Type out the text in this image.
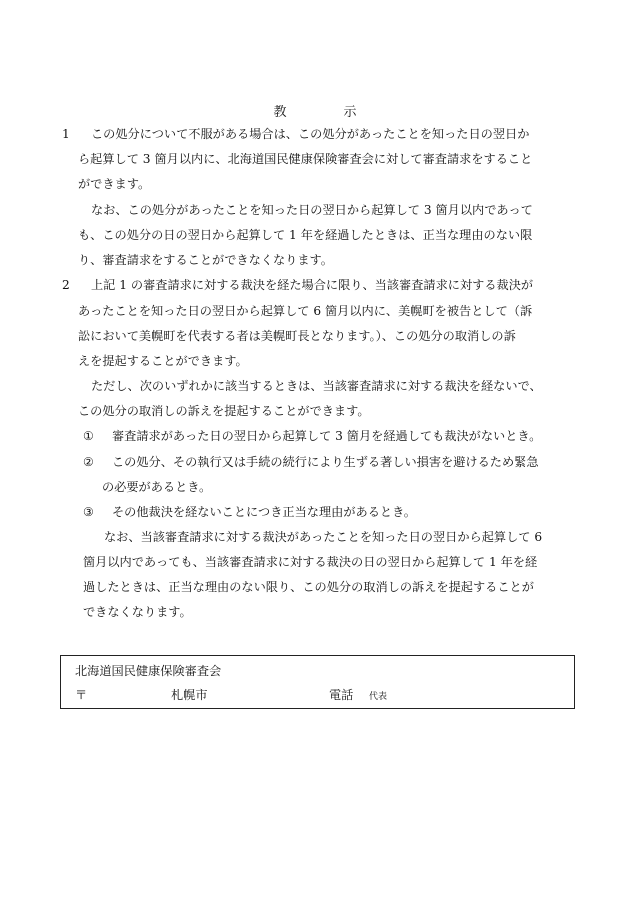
教　示
1 この処分について不服がある場合は、この処分があったことを知った日の翌日か
ら起算して 3 箇月以内に、北海道国民健康保険審査会に対して審査請求をすること
ができます。
なお、この処分があったことを知った日の翌日から起算して 3 箇月以内であって
も、この処分の日の翌日から起算して 1 年を経過したときは、正当な理由のない限
り、審査請求をすることができなくなります。
2 上記 1 の審査請求に対する裁決を経た場合に限り、当該審査請求に対する裁決が
あったことを知った日の翌日から起算して 6 箇月以内に、美幌町を被告として（訴
訟において美幌町を代表する者は美幌町長となります。）、この処分の取消しの訴
えを提起することができます。
ただし、次のいずれかに該当するときは、当該審査請求に対する裁決を経ないで、
この処分の取消しの訴えを提起することができます。
① 審査請求があった日の翌日から起算して 3 箇月を経過しても裁決がないとき。
② この処分、その執行又は手続の続行により生ずる著しい損害を避けるため緊急
の必要があるとき。
③ その他裁決を経ないことにつき正当な理由があるとき。
なお、当該審査請求に対する裁決があったことを知った日の翌日から起算して 6
箇月以内であっても、当該審査請求に対する裁決の日の翌日から起算して 1 年を経
過したときは、正当な理由のない限り、この処分の取消しの訴えを提起することが
できなくなります。
北海道国民健康保険審査会
〒	札幌市	電話 代表
